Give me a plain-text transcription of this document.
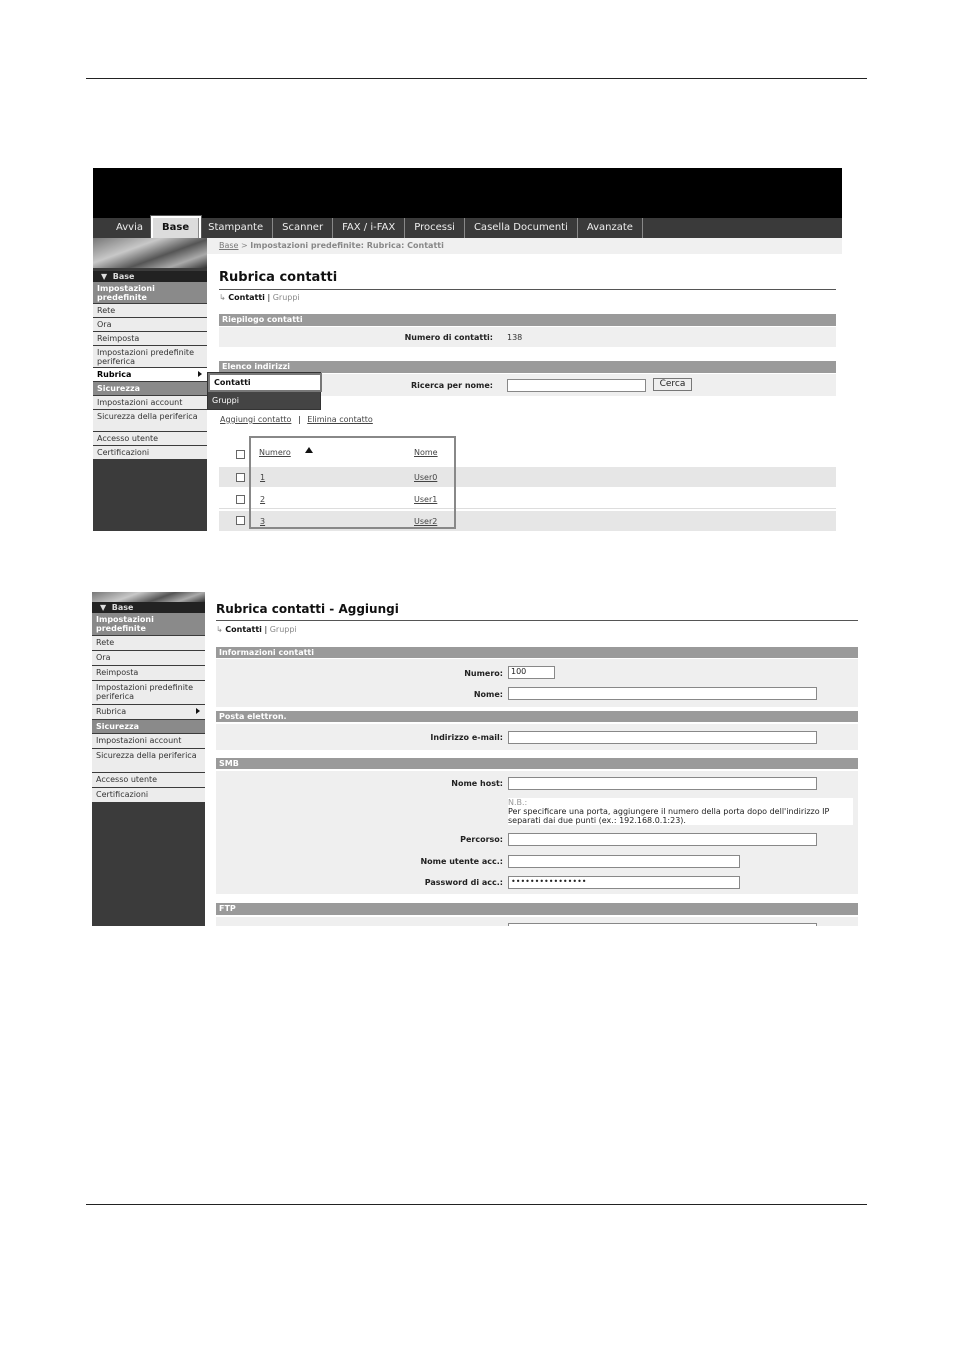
Avvia	Base	Stampante	Scanner	FAX / i-FAX	Processi	Casella Documenti	Avanzate
▼ Base
Impostazioni predefinite
Rete
Ora
Reimposta
Impostazioni predefinite periferica
Rubrica
Sicurezza
Impostazioni account
Sicurezza della periferica
Accesso utente
Certificazioni
Base > Impostazioni predefinite: Rubrica: Contatti
Rubrica contatti
↳ Contatti | Gruppi
Riepilogo contatti
Numero di contatti: 138
Elenco indirizzi
Ricerca per nome:	Cerca
Aggiungi contatto | Elimina contatto
Numero	Nome
1	User0
2	User1
3	User2
Contatti
Gruppi
▼ Base
Impostazioni predefinite
Rete
Ora
Reimposta
Impostazioni predefinite periferica
Rubrica
Sicurezza
Impostazioni account
Sicurezza della periferica
Accesso utente
Certificazioni
Rubrica contatti - Aggiungi
↳ Contatti | Gruppi
Informazioni contatti
Numero:	100
Nome:
Posta elettron.
Indirizzo e-mail:
SMB
Nome host:
N.B.:
Per specificare una porta, aggiungere il numero della porta dopo dell'indirizzo IP separati dai due punti (ex.: 192.168.0.1:23).
Percorso:
Nome utente acc.:
Password di acc.:	••••••••••••••••
FTP
